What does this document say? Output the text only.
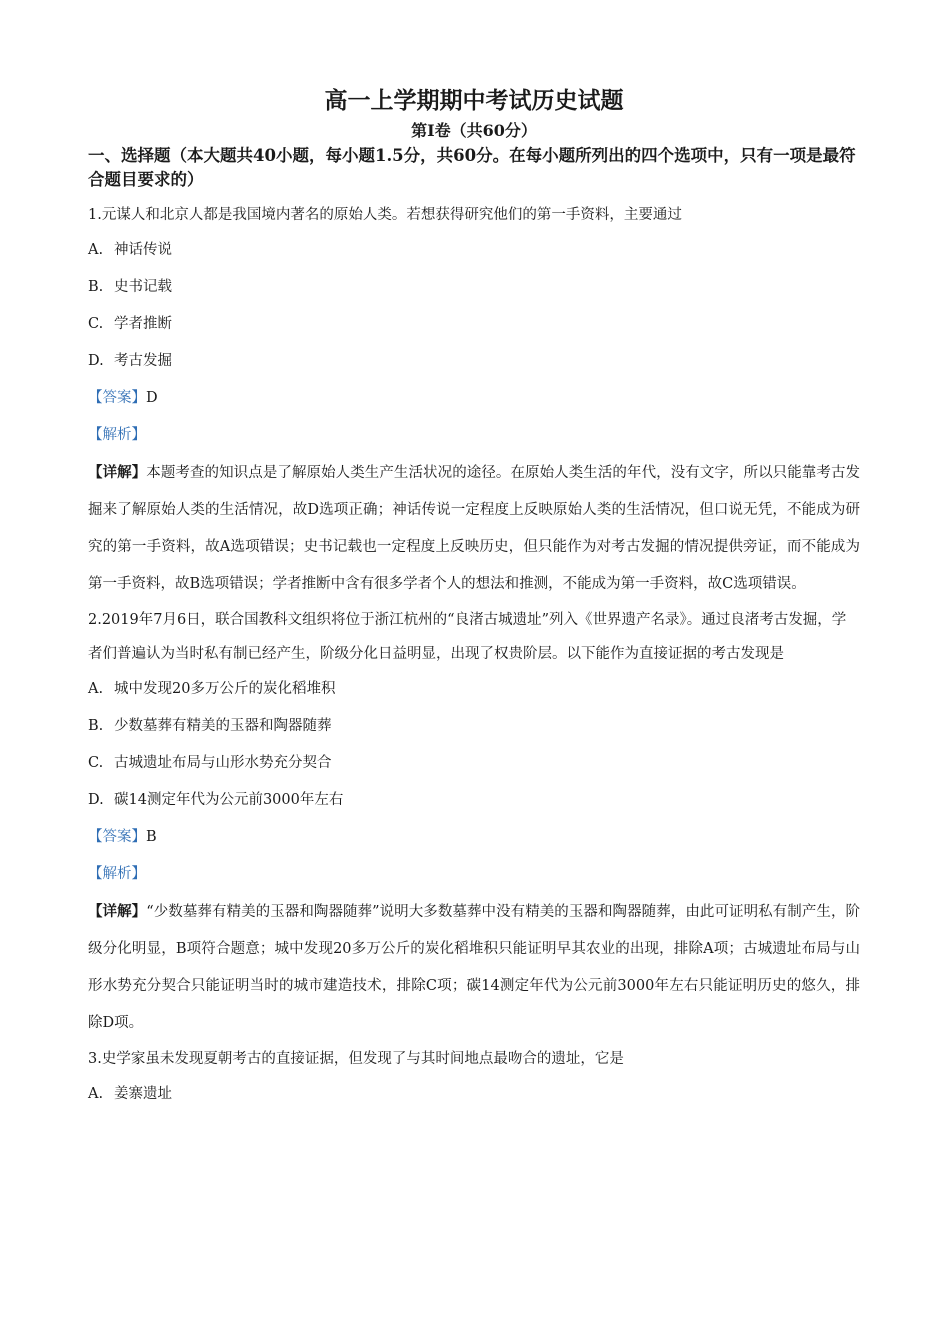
高一上学期期中考试历史试题
第I卷（共60分）
一、选择题（本大题共40小题，每小题1.5分，共60分。在每小题所列出的四个选项中，只有一项是最符合题目要求的）

1.元谋人和北京人都是我国境内著名的原始人类。若想获得研究他们的第一手资料，主要通过

A. 神话传说

B. 史书记载

C. 学者推断

D. 考古发掘

【答案】D

【解析】

【详解】本题考查的知识点是了解原始人类生产生活状况的途径。在原始人类生活的年代，没有文字，所以只能靠考古发掘来了解原始人类的生活情况，故D选项正确；神话传说一定程度上反映原始人类的生活情况，但口说无凭，不能成为研究的第一手资料，故A选项错误；史书记载也一定程度上反映历史，但只能作为对考古发掘的情况提供旁证，而不能成为第一手资料，故B选项错误；学者推断中含有很多学者个人的想法和推测，不能成为第一手资料，故C选项错误。

2.2019年7月6日，联合国教科文组织将位于浙江杭州的“良渚古城遗址”列入《世界遗产名录》。通过良渚考古发掘，学者们普遍认为当时私有制已经产生，阶级分化日益明显，出现了权贵阶层。以下能作为直接证据的考古发现是

A. 城中发现20多万公斤的炭化稻堆积

B. 少数墓葬有精美的玉器和陶器随葬

C. 古城遗址布局与山形水势充分契合

D. 碳14测定年代为公元前3000年左右

【答案】B

【解析】

【详解】“少数墓葬有精美的玉器和陶器随葬”说明大多数墓葬中没有精美的玉器和陶器随葬，由此可证明私有制产生，阶级分化明显，B项符合题意；城中发现20多万公斤的炭化稻堆积只能证明早其农业的出现，排除A项；古城遗址布局与山形水势充分契合只能证明当时的城市建造技术，排除C项；碳14测定年代为公元前3000年左右只能证明历史的悠久，排除D项。

3.史学家虽未发现夏朝考古的直接证据，但发现了与其时间地点最吻合的遗址，它是

A. 姜寨遗址
